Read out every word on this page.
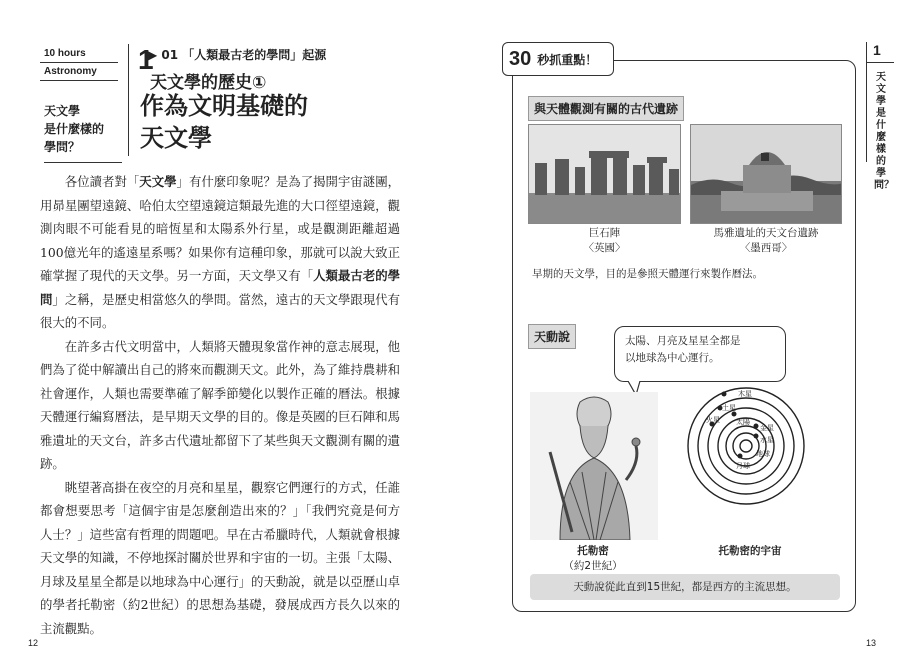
10 hours
Astronomy 1
天文學
是什麼樣的
學問？
▶ 01 「人類最古老的學問」起源
天文學的歷史①
作為文明基礎的
天文學

各位讀者對「天文學」有什麼印象呢？是為了揭開宇宙謎團，用昴星團望遠鏡、哈伯太空望遠鏡這類最先進的大口徑望遠鏡，觀測肉眼不可能看見的暗恆星和太陽系外行星，或是觀測距離超過100億光年的遙遠星系嗎？如果你有這種印象，那就可以說大致正確掌握了現代的天文學。另一方面，天文學又有「人類最古老的學問」之稱，是歷史相當悠久的學問。當然，遠古的天文學跟現代有很大的不同。

在許多古代文明當中，人類將天體現象當作神的意志展現，他們為了從中解讀出自己的將來而觀測天文。此外，為了維持農耕和社會運作，人類也需要準確了解季節變化以製作正確的曆法。根據天體運行編寫曆法，是早期天文學的目的。像是英國的巨石陣和馬雅遺址的天文台，許多古代遺址都留下了某些與天文觀測有關的遺跡。

眺望著高掛在夜空的月亮和星星，觀察它們運行的方式，任誰都會想要思考「這個宇宙是怎麼創造出來的？」「我們究竟是何方人士？」這些富有哲理的問題吧。早在古希臘時代，人類就會根據天文學的知識，不停地探討關於世界和宇宙的一切。主張「太陽、月球及星星全都是以地球為中心運行」的天動說，就是以亞歷山卓的學者托勒密（約2世紀）的思想為基礎，發展成西方長久以來的主流觀點。

12
30 秒抓重點！
與天體觀測有關的古代遺跡
巨石陣
〈英國〉
馬雅遺址的天文台遺跡
〈墨西哥〉
早期的天文學，目的是參照天體運行來製作曆法。
天動說	太陽、月亮及星星全都是
以地球為中心運行。
托勒密
（約2世紀）
木星
土星
火星 太陽
金星
水星
地球
月球
托勒密的宇宙
天動說從此直到15世紀，都是西方的主流思想。
1
天文學是什麼樣的學問？
13
